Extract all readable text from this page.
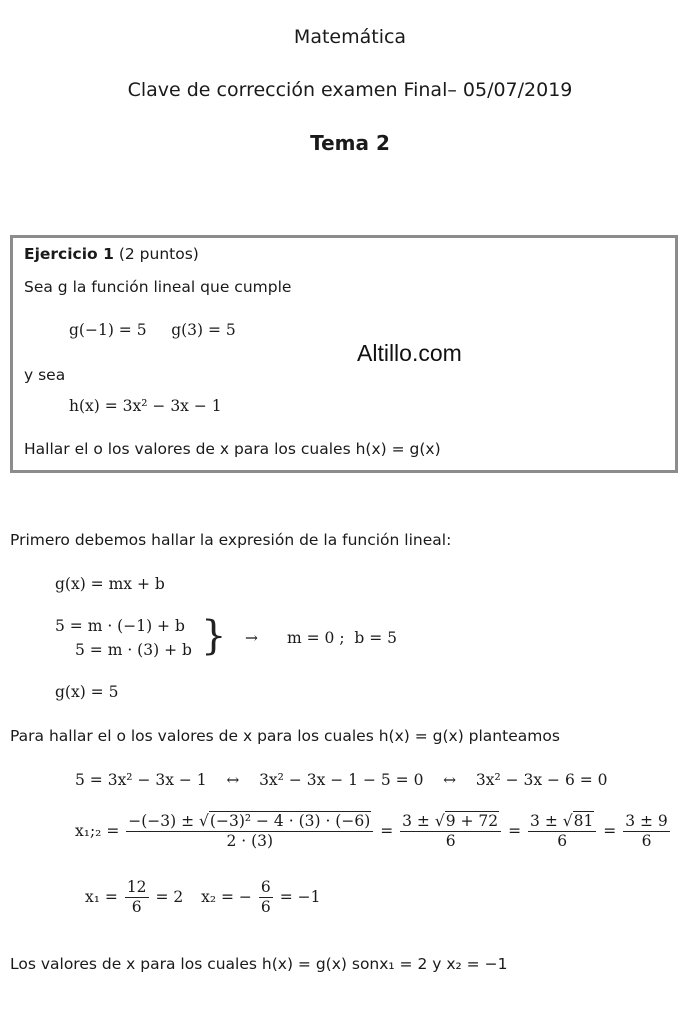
Matemática
Clave de corrección examen Final– 05/07/2019
Tema 2
Ejercicio 1 (2 puntos)
Sea g la función lineal que cumple
g(−1) = 5     g(3) = 5
y sea
h(x) = 3x² − 3x − 1
Hallar el o los valores de x para los cuales h(x) = g(x)
Altillo.com
Primero debemos hallar la expresión de la función lineal:
g(x) = mx + b
5 = m · (−1) + b
5 = m · (3) + b } → m = 0 ;  b = 5
g(x) = 5
Para hallar el o los valores de x para los cuales h(x) = g(x) planteamos
5 = 3x² − 3x − 1    ↔    3x² − 3x − 1 − 5 = 0    ↔    3x² − 3x − 6 = 0
x₁;₂ = $\frac{\text{−(−3) ± √(−3)² − 4 · (3) · (−6)}}{2 \cdot (3)} = \frac{3 \pm √9 + 72}{6} = \frac{3 \pm √81}{6} = \frac{3 \pm 9}{6}$
$x_1 = \frac{12}{6} = 2$ x₂ = − $\frac{6}{6} = -1$
Los valores de x para los cuales h(x) = g(x) sonx₁ = 2 y x₂ = −1
